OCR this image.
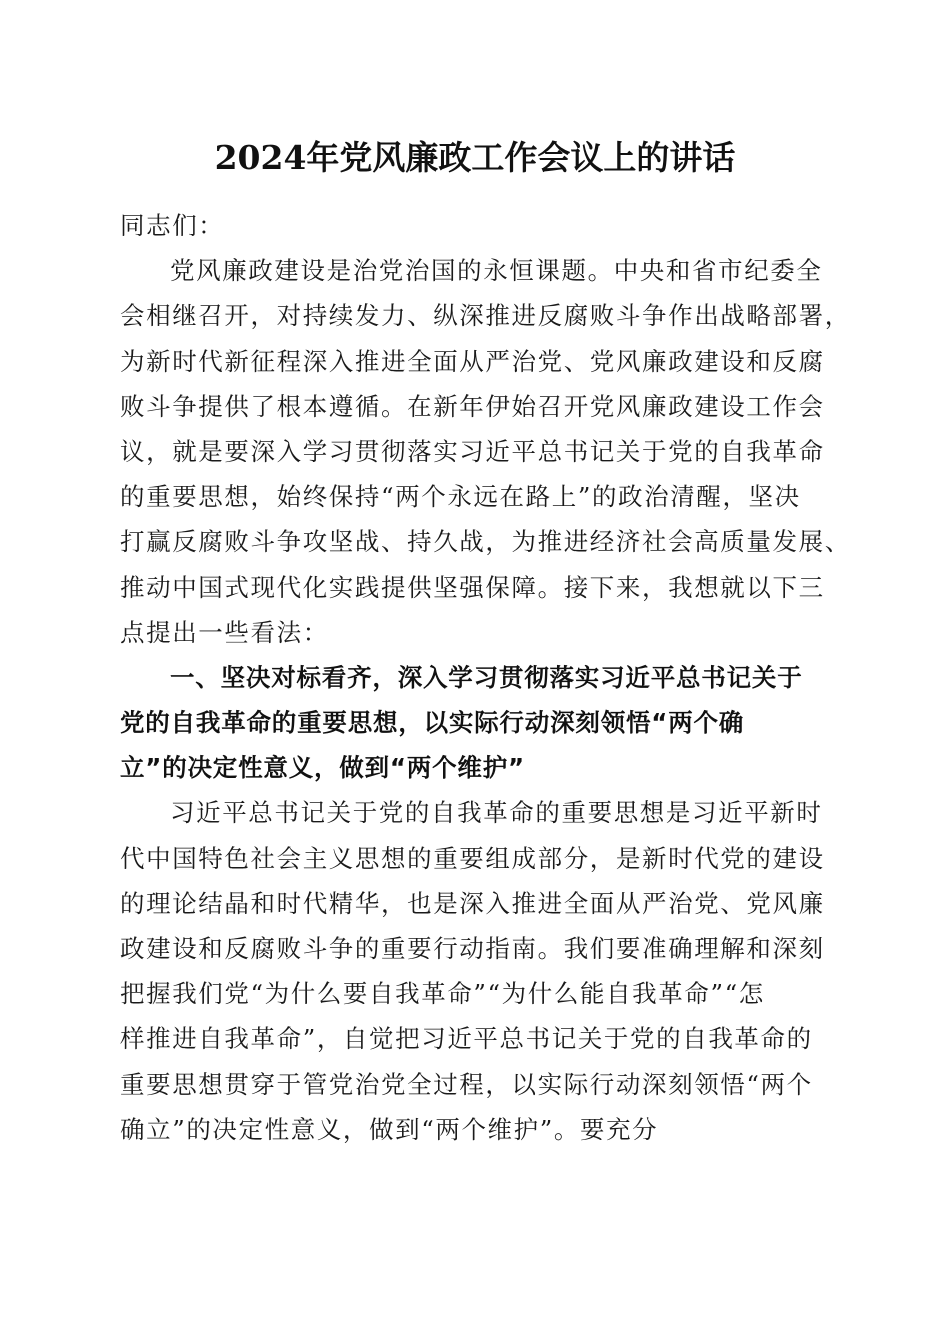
2024年党风廉政工作会议上的讲话
同志们：
党风廉政建设是治党治国的永恒课题。中央和省市纪委全
会相继召开，对持续发力、纵深推进反腐败斗争作出战略部署，
为新时代新征程深入推进全面从严治党、党风廉政建设和反腐
败斗争提供了根本遵循。在新年伊始召开党风廉政建设工作会
议，就是要深入学习贯彻落实习近平总书记关于党的自我革命
的重要思想，始终保持“两个永远在路上”的政治清醒，坚决
打赢反腐败斗争攻坚战、持久战，为推进经济社会高质量发展、
推动中国式现代化实践提供坚强保障。接下来，我想就以下三
点提出一些看法：
一、坚决对标看齐，深入学习贯彻落实习近平总书记关于
党的自我革命的重要思想，以实际行动深刻领悟“两个确
立”的决定性意义，做到“两个维护”
习近平总书记关于党的自我革命的重要思想是习近平新时
代中国特色社会主义思想的重要组成部分，是新时代党的建设
的理论结晶和时代精华，也是深入推进全面从严治党、党风廉
政建设和反腐败斗争的重要行动指南。我们要准确理解和深刻
把握我们党“为什么要自我革命”“为什么能自我革命”“怎
样推进自我革命”，自觉把习近平总书记关于党的自我革命的
重要思想贯穿于管党治党全过程，以实际行动深刻领悟“两个
确立”的决定性意义，做到“两个维护”。要充分
